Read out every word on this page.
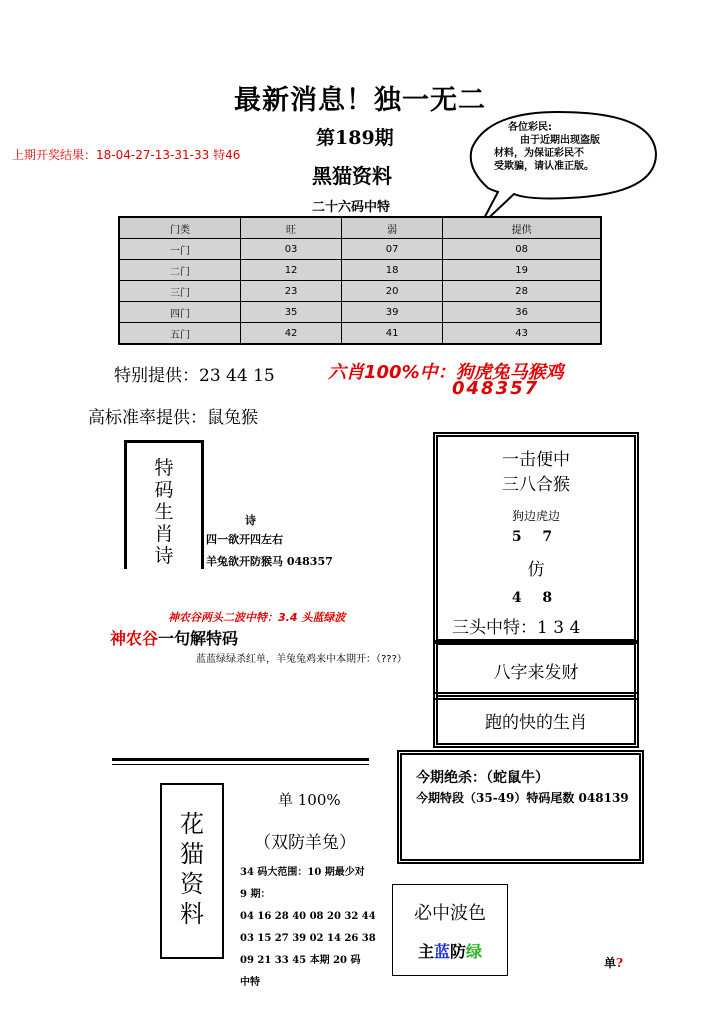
最新消息！独一无二
第189期
上期开奖结果：18-04-27-13-31-33 特46
黑猫资料
二十六码中特
各位彩民:
由于近期出现盗版
材料，为保证彩民不
受欺骗，请认准正版。
门类	旺	弱	提供
一门	03	07	08
二门	12	18	19
三门	23	20	28
四门	35	39	36
五门	42	41	43
特别提供：23 44 15	六肖100%中：狗虎兔马猴鸡
048357
高标准率提供：鼠兔猴
特
码
生
肖
诗
诗
四一欲开四左右
羊兔欲开防猴马 048357
一击便中
三八合猴
狗边虎边
5 7
仿
4 8
三头中特：1 3 4
神农谷两头二波中特：3.4 头蓝绿波
神农谷一句解特码
蓝蓝绿绿杀红单，羊兔兔鸡来中本期开：（???）
八字来发财
跑的快的生肖
今期绝杀：（蛇鼠牛）
今期特段（35-49）特码尾数 048139
花
猫
资
料
单 100%
（双防羊兔）
34 码大范围：10 期最少对
9 期：
04 16 28 40 08 20 32 44
03 15 27 39 02 14 26 38
09 21 33 45 本期 20 码
中特
必中波色
主蓝防绿
单?
